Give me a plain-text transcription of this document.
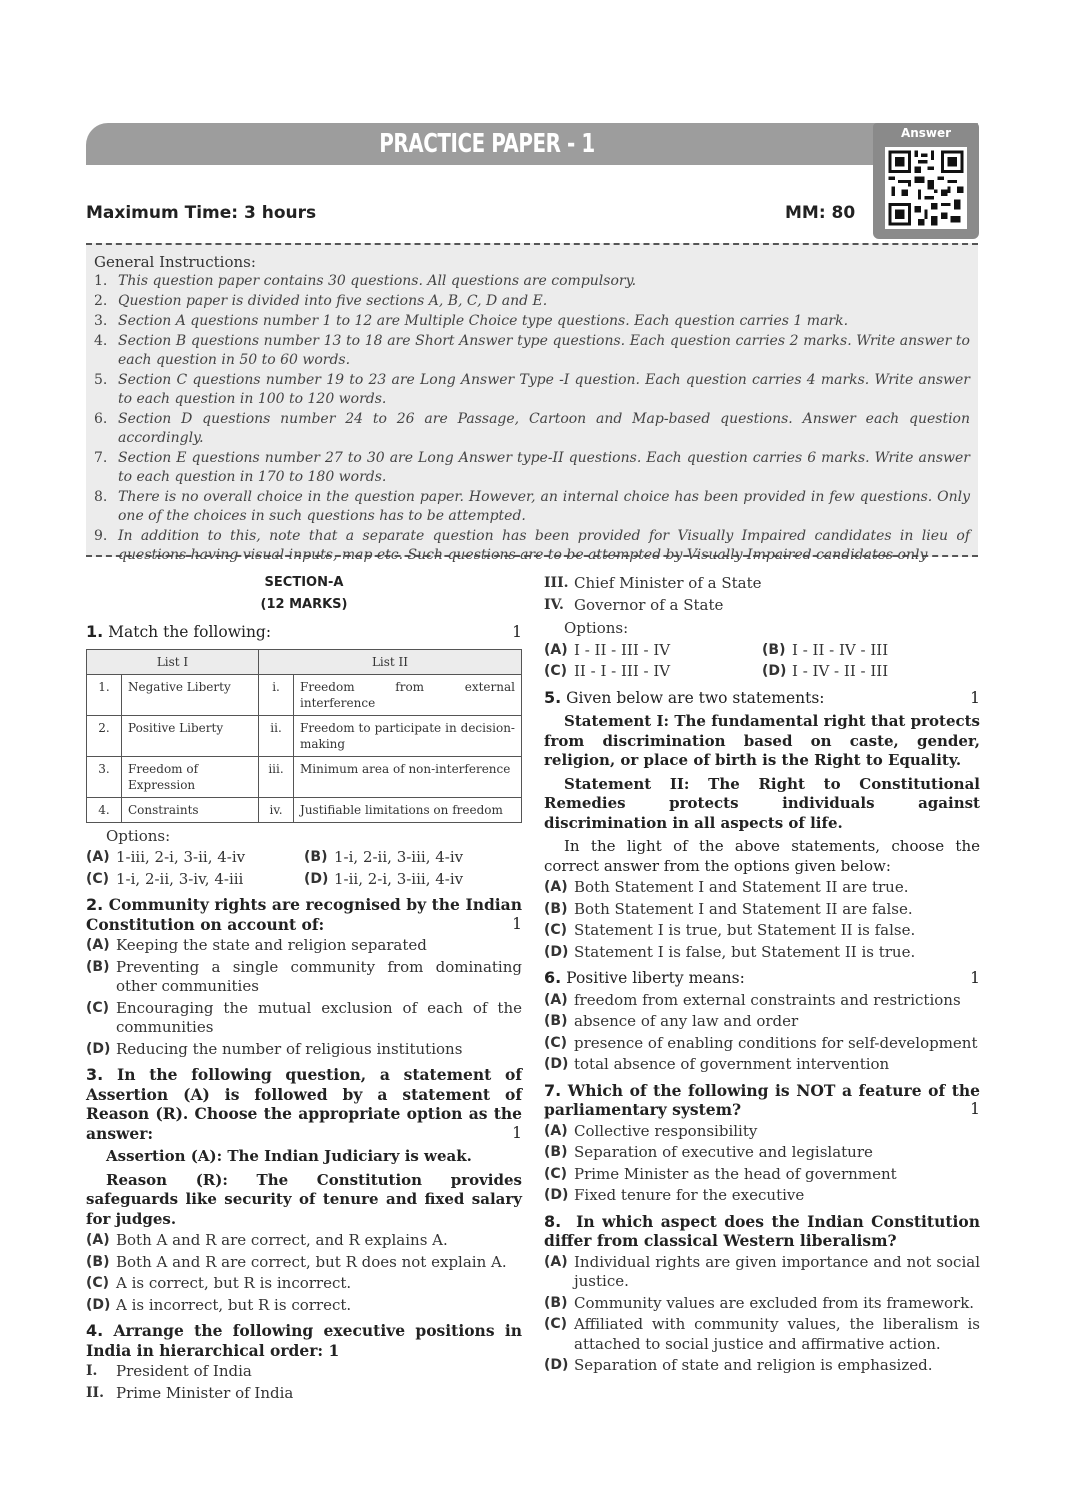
PRACTICE PAPER - 1	Answer
Maximum Time: 3 hours	MM: 80
General Instructions:
1. This question paper contains 30 questions. All questions are compulsory.
2. Question paper is divided into five sections A, B, C, D and E.
3. Section A questions number 1 to 12 are Multiple Choice type questions. Each question carries 1 mark.
4. Section B questions number 13 to 18 are Short Answer type questions. Each question carries 2 marks. Write answer to each question in 50 to 60 words.
5. Section C questions number 19 to 23 are Long Answer Type -I question. Each question carries 4 marks. Write answer to each question in 100 to 120 words.
6. Section D questions number 24 to 26 are Passage, Cartoon and Map-based questions. Answer each question accordingly.
7. Section E questions number 27 to 30 are Long Answer type-II questions. Each question carries 6 marks. Write answer to each question in 170 to 180 words.
8. There is no overall choice in the question paper. However, an internal choice has been provided in few questions. Only one of the choices in such questions has to be attempted.
9. In addition to this, note that a separate question has been provided for Visually Impaired candidates in lieu of questions having visual inputs, map etc. Such questions are to be attempted by Visually Impaired candidates only
SECTION-A
(12 MARKS)
1. Match the following:	1
List I		List II	
1.	Negative Liberty	i.	Freedom from external interference
2.	Positive Liberty	ii.	Freedom to participate in decision-making
3.	Freedom of Expression	iii.	Minimum area of non-interference
4.	Constraints	iv.	Justifiable limitations on freedom
Options:
(A) 1-iii, 2-i, 3-ii, 4-iv	(B) 1-i, 2-ii, 3-iii, 4-iv
(C) 1-i, 2-ii, 3-iv, 4-iii	(D) 1-ii, 2-i, 3-iii, 4-iv
2. Community rights are recognised by the Indian Constitution on account of:	1
(A) Keeping the state and religion separated
(B) Preventing a single community from dominating other communities
(C) Encouraging the mutual exclusion of each of the communities
(D) Reducing the number of religious institutions
3. In the following question, a statement of Assertion (A) is followed by a statement of Reason (R). Choose the appropriate option as the answer:	1
Assertion (A): The Indian Judiciary is weak.
Reason (R): The Constitution provides safeguards like security of tenure and fixed salary for judges.
(A) Both A and R are correct, and R explains A.
(B) Both A and R are correct, but R does not explain A.
(C) A is correct, but R is incorrect.
(D) A is incorrect, but R is correct.
4. Arrange the following executive positions in India in hierarchical order: 1
I. President of India
II. Prime Minister of India
III. Chief Minister of a State
IV. Governor of a State
Options:
(A) I - II - III - IV	(B) I - II - IV - III
(C) II - I - III - IV	(D) I - IV - II - III
5. Given below are two statements:	1
Statement I: The fundamental right that protects from discrimination based on caste, gender, religion, or place of birth is the Right to Equality.
Statement II: The Right to Constitutional Remedies protects individuals against discrimination in all aspects of life.
In the light of the above statements, choose the correct answer from the options given below:
(A) Both Statement I and Statement II are true.
(B) Both Statement I and Statement II are false.
(C) Statement I is true, but Statement II is false.
(D) Statement I is false, but Statement II is true.
6. Positive liberty means:	1
(A) freedom from external constraints and restrictions
(B) absence of any law and order
(C) presence of enabling conditions for self-development
(D) total absence of government intervention
7. Which of the following is NOT a feature of the parliamentary system?	1
(A) Collective responsibility
(B) Separation of executive and legislature
(C) Prime Minister as the head of government
(D) Fixed tenure for the executive
8. In which aspect does the Indian Constitution differ from classical Western liberalism?
(A) Individual rights are given importance and not social justice.
(B) Community values are excluded from its framework.
(C) Affiliated with community values, the liberalism is attached to social justice and affirmative action.
(D) Separation of state and religion is emphasized.
